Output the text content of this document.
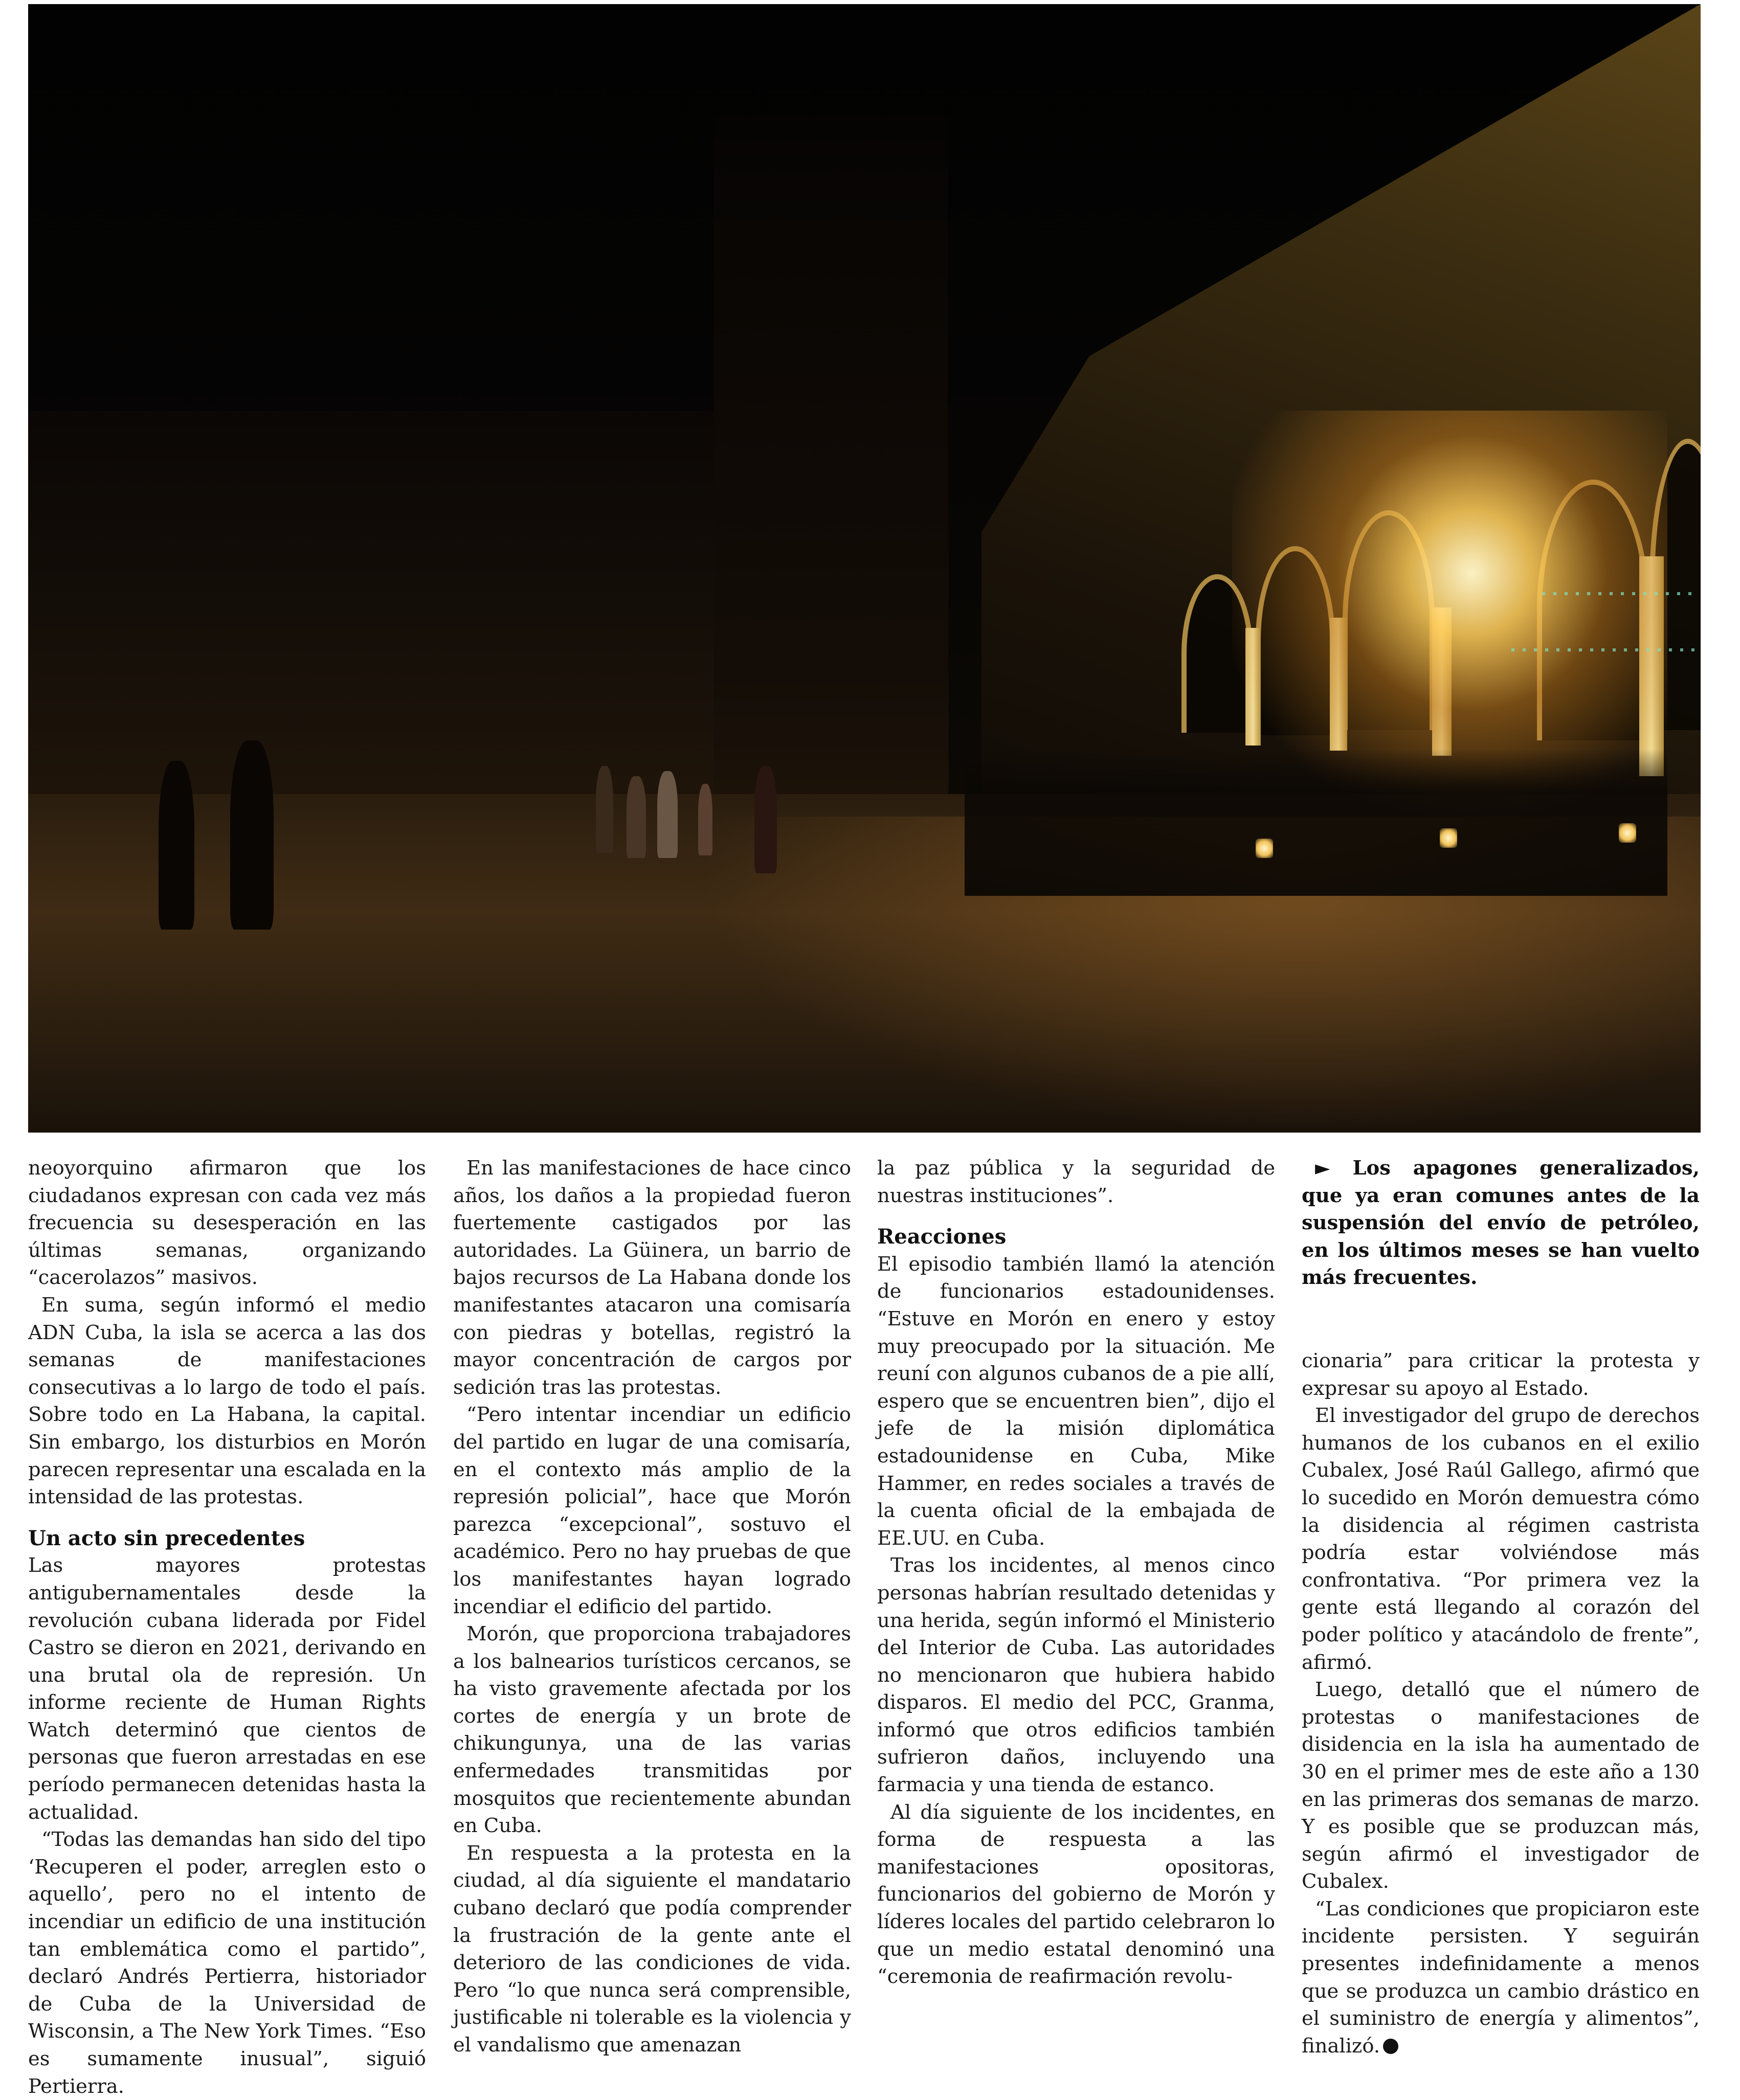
neoyorquino afirmaron que los ciudadanos expresan con cada vez más frecuencia su desesperación en las últimas semanas, organizando “cacerolazos” masivos.

En suma, según informó el medio ADN Cuba, la isla se acerca a las dos semanas de manifestaciones consecutivas a lo largo de todo el país. Sobre todo en La Habana, la capital. Sin embargo, los disturbios en Morón parecen representar una escalada en la intensidad de las protestas.

Un acto sin precedentes

Las mayores protestas antigubernamentales desde la revolución cubana liderada por Fidel Castro se dieron en 2021, derivando en una brutal ola de represión. Un informe reciente de Human Rights Watch determinó que cientos de personas que fueron arrestadas en ese período permanecen detenidas hasta la actualidad.

“Todas las demandas han sido del tipo ‘Recuperen el poder, arreglen esto o aquello’, pero no el intento de incendiar un edificio de una institución tan emblemática como el partido”, declaró Andrés Pertierra, historiador de Cuba de la Universidad de Wisconsin, a The New York Times. “Eso es sumamente inusual”, siguió Pertierra.

En las manifestaciones de hace cinco años, los daños a la propiedad fueron fuertemente castigados por las autoridades. La Güinera, un barrio de bajos recursos de La Habana donde los manifestantes atacaron una comisaría con piedras y botellas, registró la mayor concentración de cargos por sedición tras las protestas.

“Pero intentar incendiar un edificio del partido en lugar de una comisaría, en el contexto más amplio de la represión policial”, hace que Morón parezca “excepcional”, sostuvo el académico. Pero no hay pruebas de que los manifestantes hayan logrado incendiar el edificio del partido.

Morón, que proporciona trabajadores a los balnearios turísticos cercanos, se ha visto gravemente afectada por los cortes de energía y un brote de chikungunya, una de las varias enfermedades transmitidas por mosquitos que recientemente abundan en Cuba.

En respuesta a la protesta en la ciudad, al día siguiente el mandatario cubano declaró que podía comprender la frustración de la gente ante el deterioro de las condiciones de vida. Pero “lo que nunca será comprensible, justificable ni tolerable es la violencia y el vandalismo que amenazan

la paz pública y la seguridad de nuestras instituciones”.

Reacciones

El episodio también llamó la atención de funcionarios estadounidenses. “Estuve en Morón en enero y estoy muy preocupado por la situación. Me reuní con algunos cubanos de a pie allí, espero que se encuentren bien”, dijo el jefe de la misión diplomática estadounidense en Cuba, Mike Hammer, en redes sociales a través de la cuenta oficial de la embajada de EE.UU. en Cuba.

Tras los incidentes, al menos cinco personas habrían resultado detenidas y una herida, según informó el Ministerio del Interior de Cuba. Las autoridades no mencionaron que hubiera habido disparos. El medio del PCC, Granma, informó que otros edificios también sufrieron daños, incluyendo una farmacia y una tienda de estanco.

Al día siguiente de los incidentes, en forma de respuesta a las manifestaciones opositoras, funcionarios del gobierno de Morón y líderes locales del partido celebraron lo que un medio estatal denominó una “ceremonia de reafirmación revolu-

► Los apagones generalizados, que ya eran comunes antes de la suspensión del envío de petróleo, en los últimos meses se han vuelto más frecuentes.

cionaria” para criticar la protesta y expresar su apoyo al Estado.

El investigador del grupo de derechos humanos de los cubanos en el exilio Cubalex, José Raúl Gallego, afirmó que lo sucedido en Morón demuestra cómo la disidencia al régimen castrista podría estar volviéndose más confrontativa. “Por primera vez la gente está llegando al corazón del poder político y atacándolo de frente”, afirmó.

Luego, detalló que el número de protestas o manifestaciones de disidencia en la isla ha aumentado de 30 en el primer mes de este año a 130 en las primeras dos semanas de marzo. Y es posible que se produzcan más, según afirmó el investigador de Cubalex.

“Las condiciones que propiciaron este incidente persisten. Y seguirán presentes indefinidamente a menos que se produzca un cambio drástico en el suministro de energía y alimentos”, finalizó.
